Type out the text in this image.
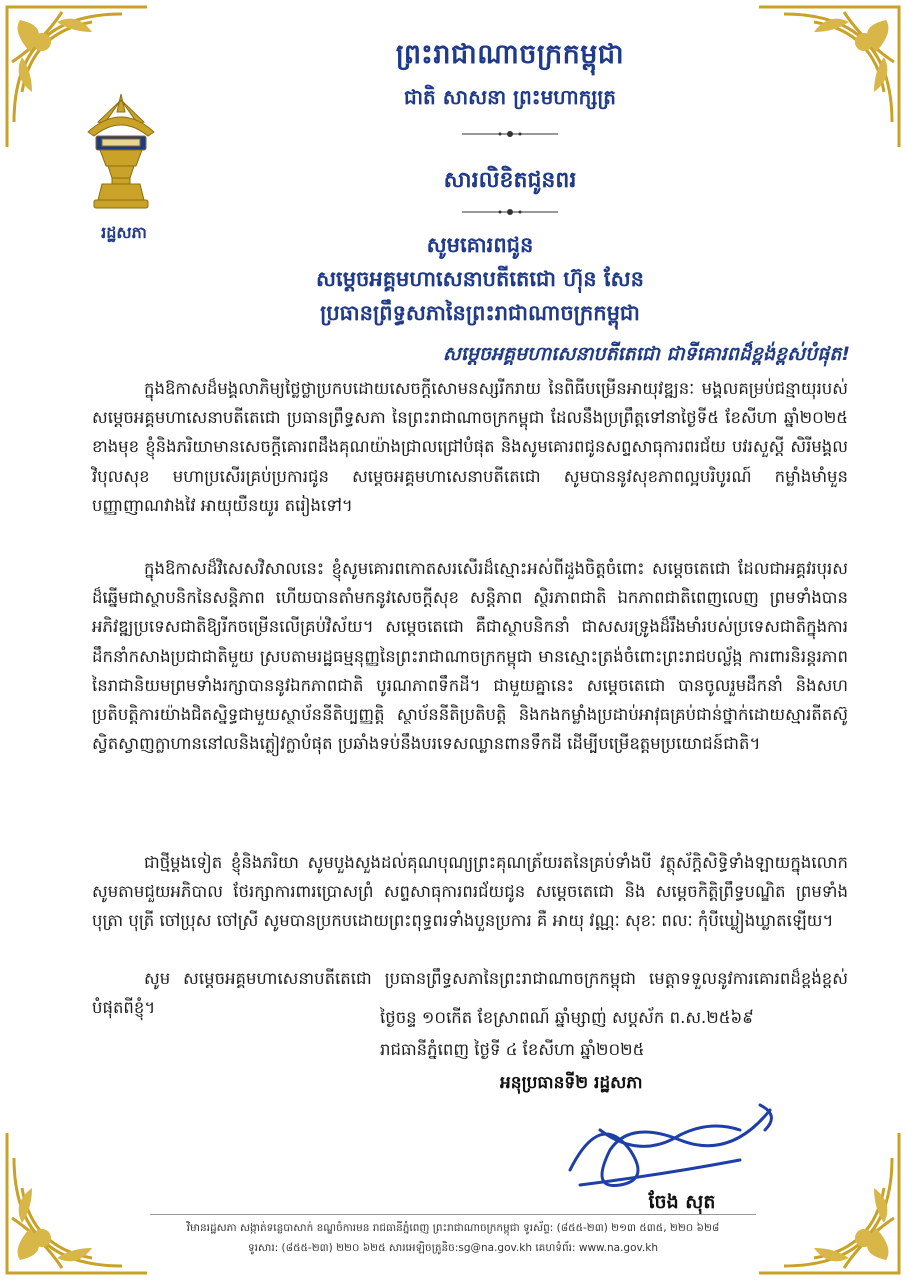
រដ្ឋសភា
ព្រះរាជាណាចក្រកម្ពុជា
ជាតិ សាសនា ព្រះមហាក្សត្រ
សារលិខិតជូនពរ
សូមគោរពជូន
សម្តេចអគ្គមហាសេនាបតីតេជោ ហ៊ុន សែន
ប្រធានព្រឹទ្ធសភានៃព្រះរាជាណាចក្រកម្ពុជា
សម្តេចអគ្គមហាសេនាបតីតេជោ ជាទីគោរពដ៏ខ្ពង់ខ្ពស់បំផុត!

ក្នុងឱកាសដ៏មង្គលាភិម្យថ្លៃថ្លាប្រកបដោយសេចក្តីសោមនស្សរីករាយ នៃពិធីបម្រើនអាយុវឌ្ឍនៈ មង្គលគម្រប់ជន្មាយុរបស់ សម្តេចអគ្គមហាសេនាបតីតេជោ ប្រធានព្រឹទ្ធសភា នៃព្រះរាជាណាចក្រកម្ពុជា ដែលនឹងប្រព្រឹត្តទៅនាថ្ងៃទី៥ ខែសីហា ឆ្នាំ២០២៥ ខាងមុខ ខ្ញុំនិងភរិយាមានសេចក្តីគោរពដឹងគុណយ៉ាងជ្រាលជ្រៅបំផុត និងសូមគោរពជូនសព្ទសាធុការពរជ័យ បវរសួស្តី សិរីមង្គល វិបុលសុខ មហាប្រសើរគ្រប់ប្រការជូន សម្តេចអគ្គមហាសេនាបតីតេជោ សូមបាននូវសុខភាពល្អបរិបូរណ៍ កម្លាំងមាំមួន បញ្ញាញាណវាងវៃ អាយុយឺនយូរ តរៀងទៅ។

ក្នុងឱកាសដ៏វិសេសវិសាលនេះ ខ្ញុំសូមគោរពកោតសរសើរដ៏ស្មោះអស់ពីដួងចិត្តចំពោះ សម្តេចតេជោ ដែលជាអគ្គវរបុរសដ៏ឆ្នើមជាស្ថាបនិកនៃសន្តិភាព ហើយបានតាំមកនូវសេចក្តីសុខ សន្តិភាព ស្ថិរភាពជាតិ ឯកភាពជាតិពេញលេញ ព្រមទាំងបានអភិវឌ្ឍប្រទេសជាតិឱ្យរីកចម្រើនលើគ្រប់វិស័យ។ សម្តេចតេជោ គឺជាស្ថាបនិកនាំ ជាសសរទ្រូងដ៏រឹងមាំរបស់ប្រទេសជាតិក្នុងការដឹកនាំកសាងប្រជាជាតិមួយ ស្របតាមរដ្ឋធម្មនុញ្ញនៃព្រះរាជាណាចក្រកម្ពុជា មានស្មោះត្រង់ចំពោះព្រះរាជបល្ល័ង្ក ការពារនិរន្តរភាពនៃរាជានិយមព្រមទាំងរក្សាបាននូវឯកភាពជាតិ បូរណភាពទឹកដី។ ជាមួយគ្នានេះ សម្តេចតេជោ បានចូលរួមដឹកនាំ និងសហប្រតិបត្តិការយ៉ាងជិតស្និទ្ធជាមួយស្ថាប័ននីតិប្បញ្ញត្តិ ស្ថាប័ននីតិប្រតិបត្តិ និងកងកម្លាំងប្រដាប់អាវុធគ្រប់ជាន់ថ្នាក់ដោយស្មារតីតស៊ូ ស្វិតស្វាញក្លាហាននៅលនិងភ្លៀវក្លាបំផុត ប្រឆាំងទប់នឹងបរទេសឈ្លានពានទឹកដី ដើម្បីបម្រើឧត្តមប្រយោជន៍ជាតិ។

ជាថ្មីម្តងទៀត ខ្ញុំនិងភរិយា សូមបួងសួងដល់គុណបុណ្យព្រះគុណត្រ័យរតនៃគ្រប់ទាំងបី វត្ថុស័ក្តិសិទ្ធិទាំងឡាយក្នុងលោក សូមតាមជួយអភិបាល ថែរក្សាការពារប្រោសព្រំ សព្ទសាធុការពរជ័យជូន សម្តេចតេជោ និង សម្តេចកិត្តិព្រឹទ្ធបណ្ឌិត ព្រមទាំងបុត្រា បុត្រី ចៅប្រុស ចៅស្រី សូមបានប្រកបដោយព្រះពុទ្ធពរទាំងបួនប្រការ គឺ អាយុ វណ្ណៈ សុខៈ ពលៈ កុំបីឃ្លៀងឃ្លាតឡើយ។

សូម សម្តេចអគ្គមហាសេនាបតីតេជោ ប្រធានព្រឹទ្ធសភានៃព្រះរាជាណាចក្រកម្ពុជា មេត្តាទទួលនូវការគោរពដ៏ខ្ពង់ខ្ពស់បំផុតពីខ្ញុំ។

ថ្ងៃចន្ទ ១០កើត ខែស្រាពណ៍ ឆ្នាំម្សាញ់ សប្តស័ក ព.ស.២៥៦៩
រាជធានីភ្នំពេញ ថ្ងៃទី ៤ ខែសីហា ឆ្នាំ២០២៥
អនុប្រធានទី២ រដ្ឋសភា
ចែង សុត
វិមានរដ្ឋសភា សង្កាត់ទន្លេបាសាក់ ខណ្ឌចំការមន រាជធានីភ្នំពេញ ព្រះរាជាណាចក្រកម្ពុជា ទូរស័ព្ទ: (៨៥៥-២៣) ២១៣ ៥៣៥, ២២០ ៦២៨
ទូរសារ: (៨៥៥-២៣) ២២០ ៦២៥ សារអេឡិចត្រូនិច:sg@na.gov.kh គេហទំព័រ: www.na.gov.kh
